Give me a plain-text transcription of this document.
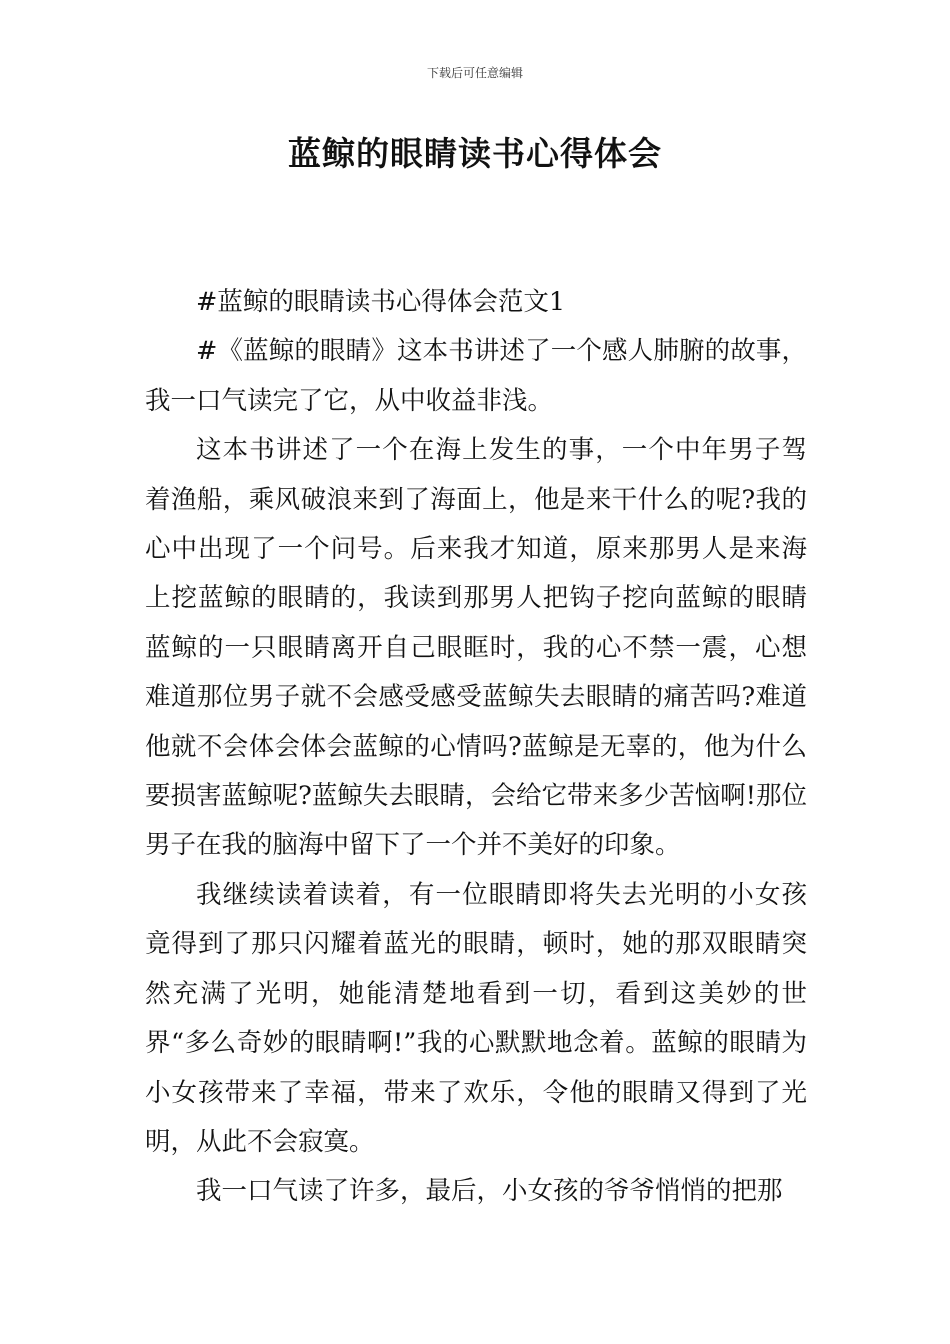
下载后可任意编辑
蓝鲸的眼睛读书心得体会

#蓝鲸的眼睛读书心得体会范文1

#《蓝鲸的眼睛》这本书讲述了一个感人肺腑的故事，我一口气读完了它，从中收益非浅。

这本书讲述了一个在海上发生的事，一个中年男子驾着渔船，乘风破浪来到了海面上，他是来干什么的呢?我的心中出现了一个问号。后来我才知道，原来那男人是来海上挖蓝鲸的眼睛的，我读到那男人把钩子挖向蓝鲸的眼睛蓝鲸的一只眼睛离开自己眼眶时，我的心不禁一震，心想难道那位男子就不会感受感受蓝鲸失去眼睛的痛苦吗?难道他就不会体会体会蓝鲸的心情吗?蓝鲸是无辜的，他为什么要损害蓝鲸呢?蓝鲸失去眼睛，会给它带来多少苦恼啊!那位男子在我的脑海中留下了一个并不美好的印象。

我继续读着读着，有一位眼睛即将失去光明的小女孩竟得到了那只闪耀着蓝光的眼睛，顿时，她的那双眼睛突然充满了光明，她能清楚地看到一切，看到这美妙的世界“多么奇妙的眼睛啊!”我的心默默地念着。蓝鲸的眼睛为小女孩带来了幸福，带来了欢乐，令他的眼睛又得到了光明，从此不会寂寞。

我一口气读了许多，最后，小女孩的爷爷悄悄的把那
